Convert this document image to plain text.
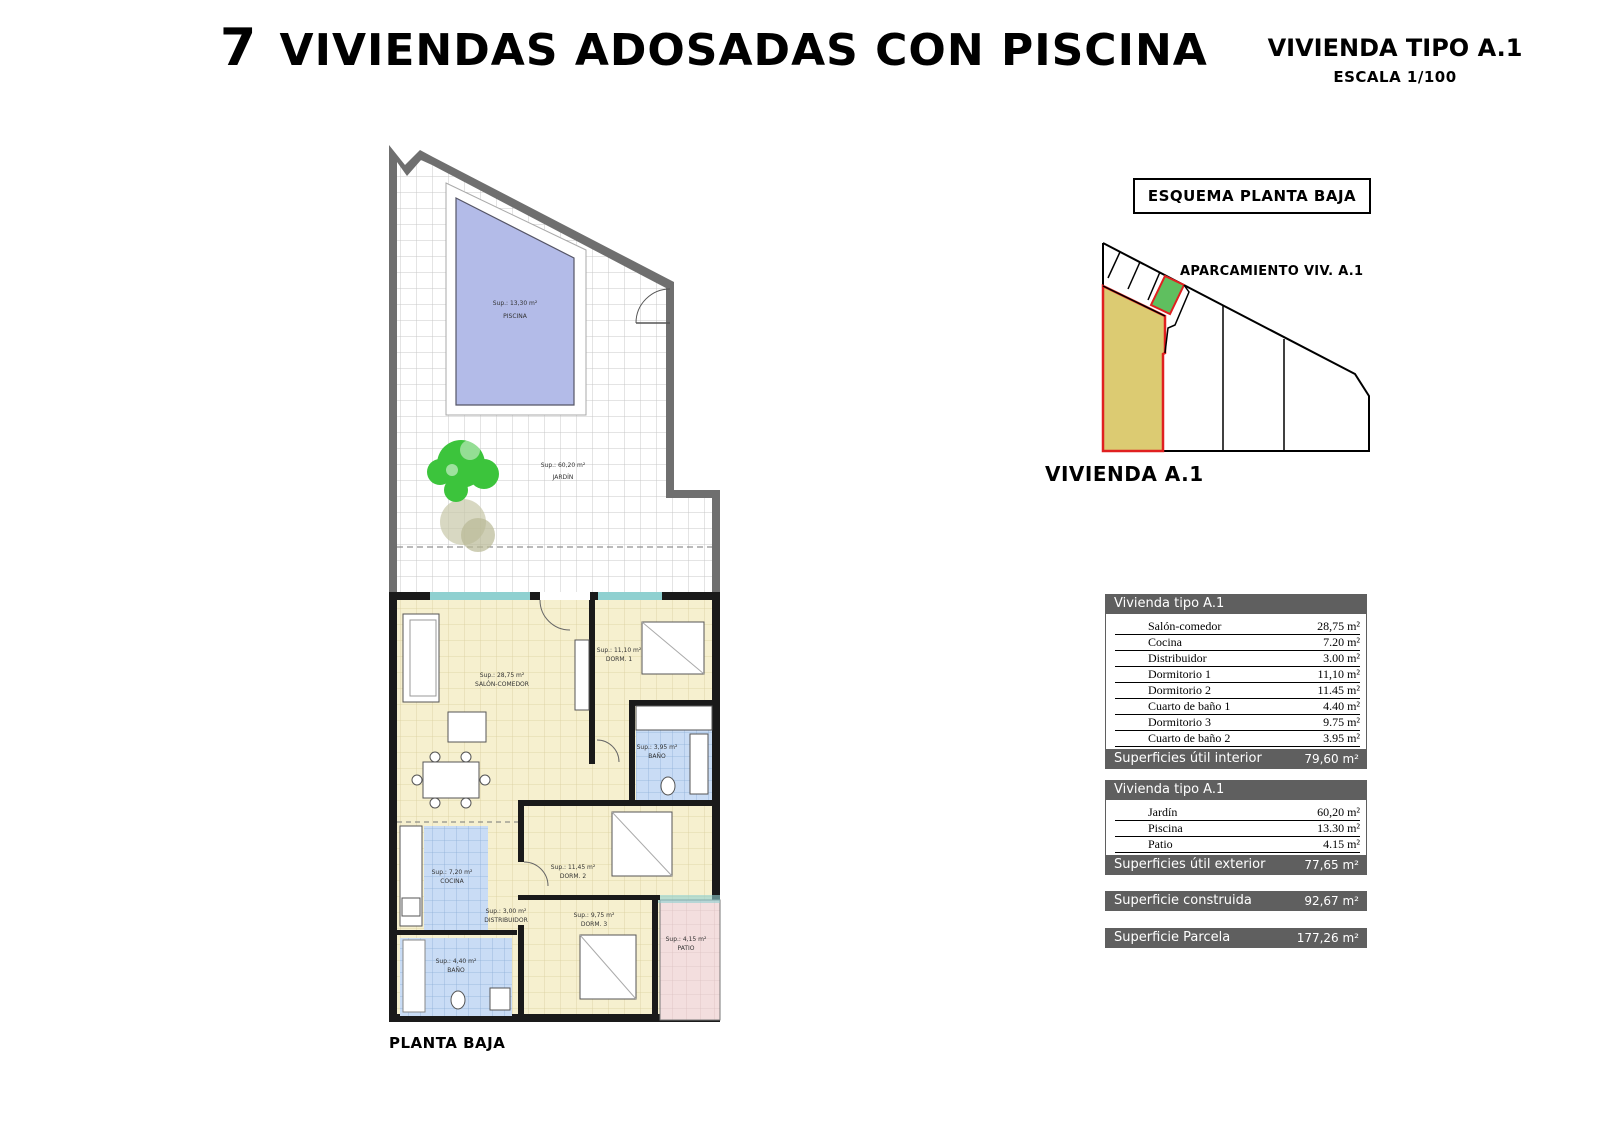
7 VIVIENDAS ADOSADAS CON PISCINA	VIVIENDA TIPO A.1
ESCALA 1/100
Sup.: 13,30 m²
PISCINA
Sup.: 60,20 m²
JARDÍN
Sup.: 28,75 m²
SALÓN-COMEDOR
Sup.: 11,10 m²
DORM. 1
Sup.: 3,95 m²
BAÑO
Sup.: 7,20 m²
COCINA
Sup.: 11,45 m²
DORM. 2
Sup.: 3,00 m²
DISTRIBUIDOR
Sup.: 9,75 m²
DORM. 3
Sup.: 4,15 m²
PATIO
Sup.: 4,40 m²
BAÑO
ESQUEMA PLANTA BAJA
APARCAMIENTO VIV. A.1
VIVIENDA A.1
PLANTA BAJA
Vivienda tipo A.1
Salón-comedor	28,75 m²
Cocina	7.20 m²
Distribuidor	3.00 m²
Dormitorio 1	11,10 m²
Dormitorio 2	11.45 m²
Cuarto de baño 1	4.40 m²
Dormitorio 3	9.75 m²
Cuarto de baño 2	3.95 m²
Superficies útil interior	79,60 m²
Vivienda tipo A.1
Jardín	60,20 m²
Piscina	13.30 m²
Patio	4.15 m²
Superficies útil exterior	77,65 m²
Superficie construida	92,67 m²
Superficie Parcela	177,26 m²
